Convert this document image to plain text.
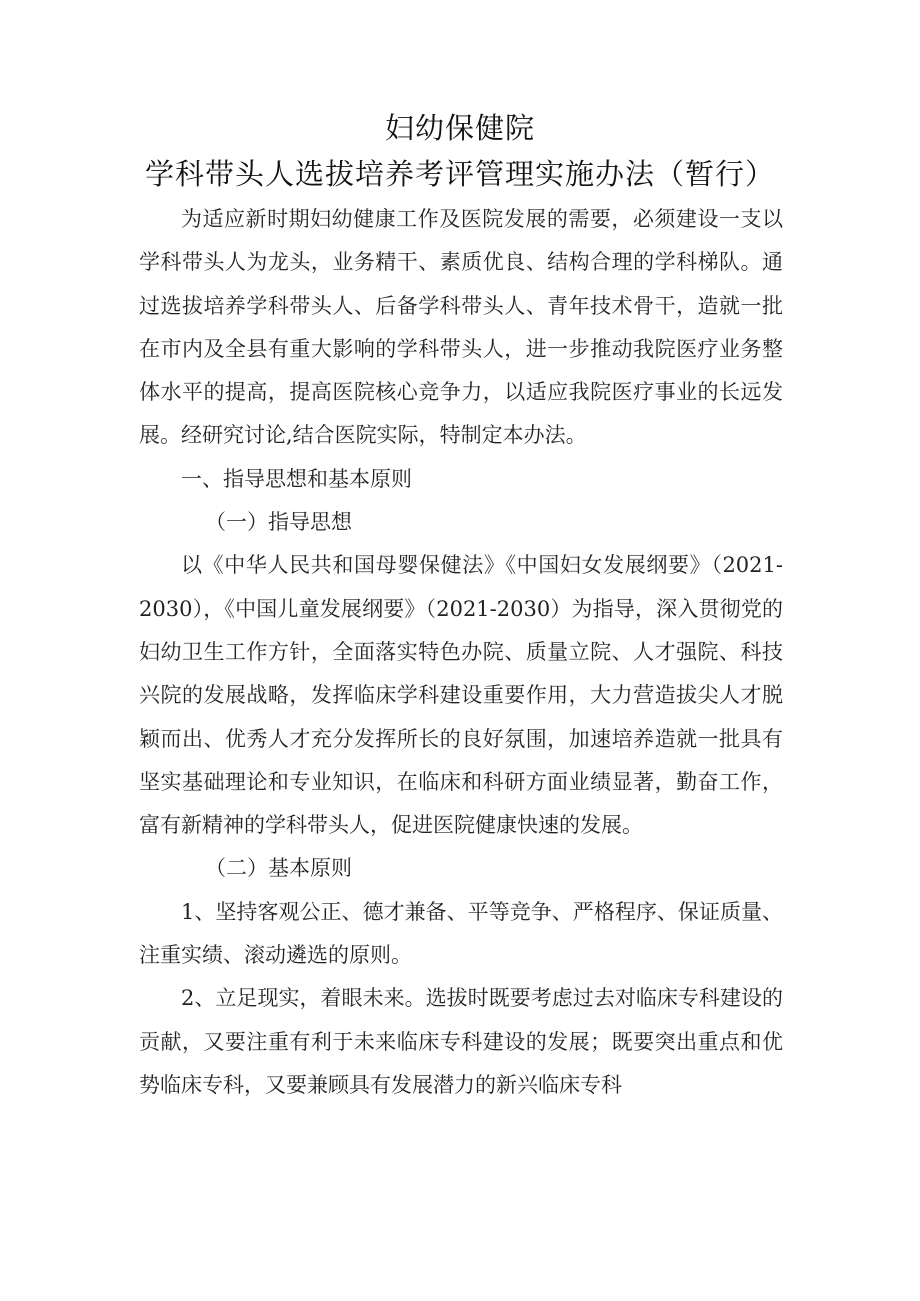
妇幼保健院
学科带头人选拔培养考评管理实施办法（暂行）

为适应新时期妇幼健康工作及医院发展的需要，必须建设一支以学科带头人为龙头，业务精干、素质优良、结构合理的学科梯队。通过选拔培养学科带头人、后备学科带头人、青年技术骨干，造就一批在市内及全县有重大影响的学科带头人，进一步推动我院医疗业务整体水平的提高，提高医院核心竞争力，以适应我院医疗事业的长远发展。经研究讨论,结合医院实际，特制定本办法。

一、指导思想和基本原则

（一）指导思想

以《中华人民共和国母婴保健法》《中国妇女发展纲要》（2021-2030），《中国儿童发展纲要》（2021-2030）为指导，深入贯彻党的妇幼卫生工作方针，全面落实特色办院、质量立院、人才强院、科技兴院的发展战略，发挥临床学科建设重要作用，大力营造拔尖人才脱颖而出、优秀人才充分发挥所长的良好氛围，加速培养造就一批具有坚实基础理论和专业知识，在临床和科研方面业绩显著，勤奋工作，富有新精神的学科带头人，促进医院健康快速的发展。

（二）基本原则

1、坚持客观公正、德才兼备、平等竞争、严格程序、保证质量、注重实绩、滚动遴选的原则。

2、立足现实，着眼未来。选拔时既要考虑过去对临床专科建设的贡献，又要注重有利于未来临床专科建设的发展；既要突出重点和优势临床专科，又要兼顾具有发展潜力的新兴临床专科
